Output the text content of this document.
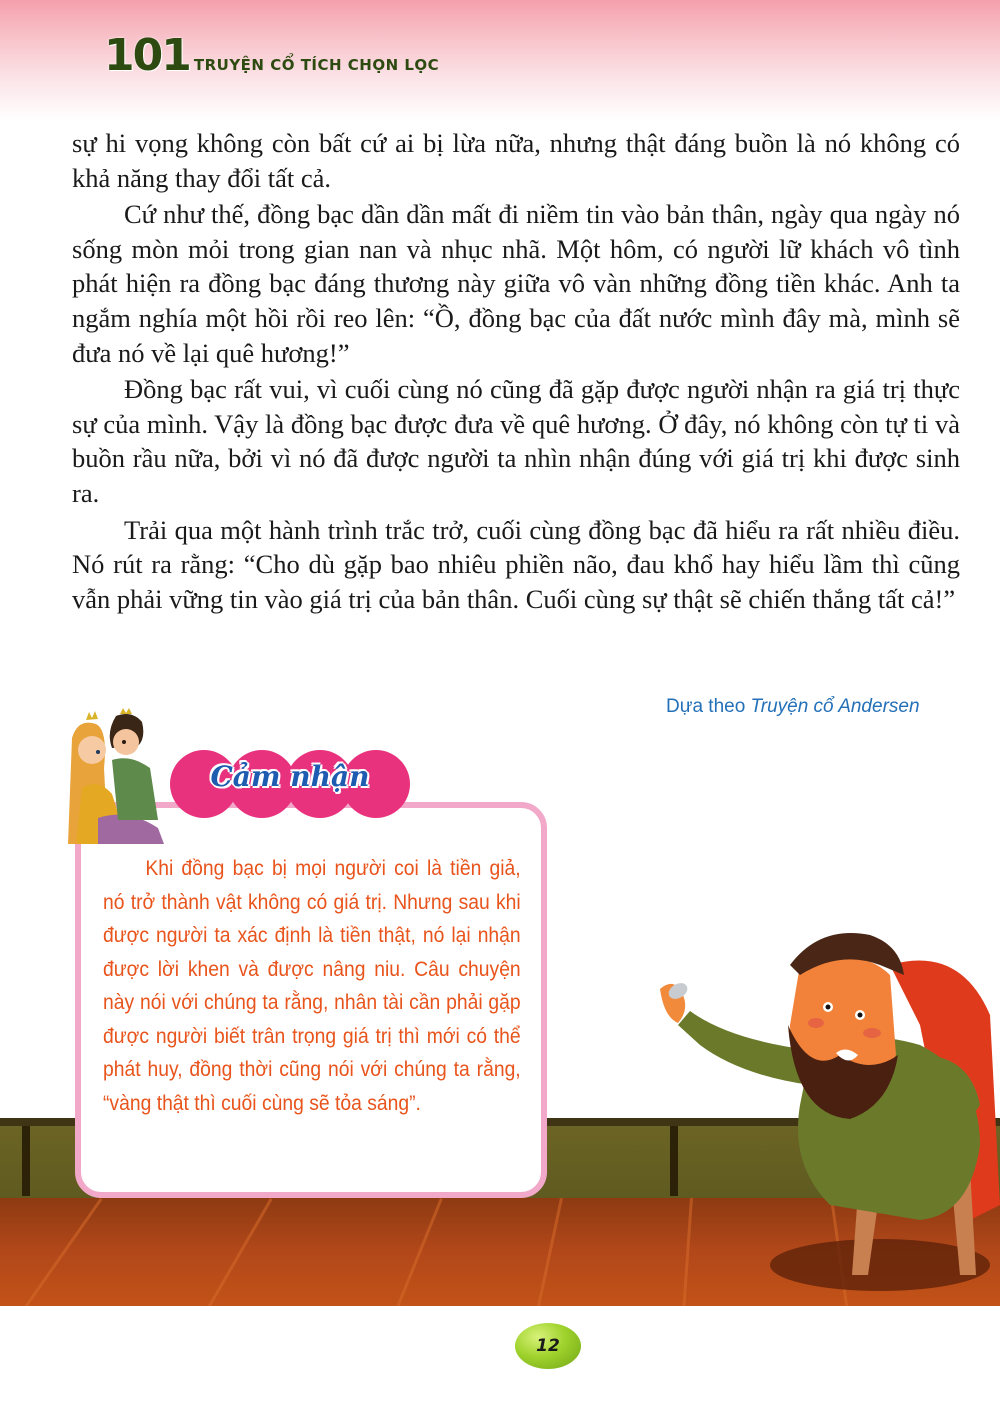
101 TRUYỆN CỔ TÍCH CHỌN LỌC

sự hi vọng không còn bất cứ ai bị lừa nữa, nhưng thật đáng buồn là nó không có khả năng thay đổi tất cả.

Cứ như thế, đồng bạc dần dần mất đi niềm tin vào bản thân, ngày qua ngày nó sống mòn mỏi trong gian nan và nhục nhã. Một hôm, có người lữ khách vô tình phát hiện ra đồng bạc đáng thương này giữa vô vàn những đồng tiền khác. Anh ta ngắm nghía một hồi rồi reo lên: “Ồ, đồng bạc của đất nước mình đây mà, mình sẽ đưa nó về lại quê hương!”

Đồng bạc rất vui, vì cuối cùng nó cũng đã gặp được người nhận ra giá trị thực sự của mình. Vậy là đồng bạc được đưa về quê hương. Ở đây, nó không còn tự ti và buồn rầu nữa, bởi vì nó đã được người ta nhìn nhận đúng với giá trị khi được sinh ra.

Trải qua một hành trình trắc trở, cuối cùng đồng bạc đã hiểu ra rất nhiều điều. Nó rút ra rằng: “Cho dù gặp bao nhiêu phiền não, đau khổ hay hiểu lầm thì cũng vẫn phải vững tin vào giá trị của bản thân. Cuối cùng sự thật sẽ chiến thắng tất cả!”

Dựa theo Truyện cổ Andersen
Cảm nhận

Khi đồng bạc bị mọi người coi là tiền giả, nó trở thành vật không có giá trị. Nhưng sau khi được người ta xác định là tiền thật, nó lại nhận được lời khen và được nâng niu. Câu chuyện này nói với chúng ta rằng, nhân tài cần phải gặp được người biết trân trọng giá trị thì mới có thể phát huy, đồng thời cũng nói với chúng ta rằng, “vàng thật thì cuối cùng sẽ tỏa sáng”.

12
